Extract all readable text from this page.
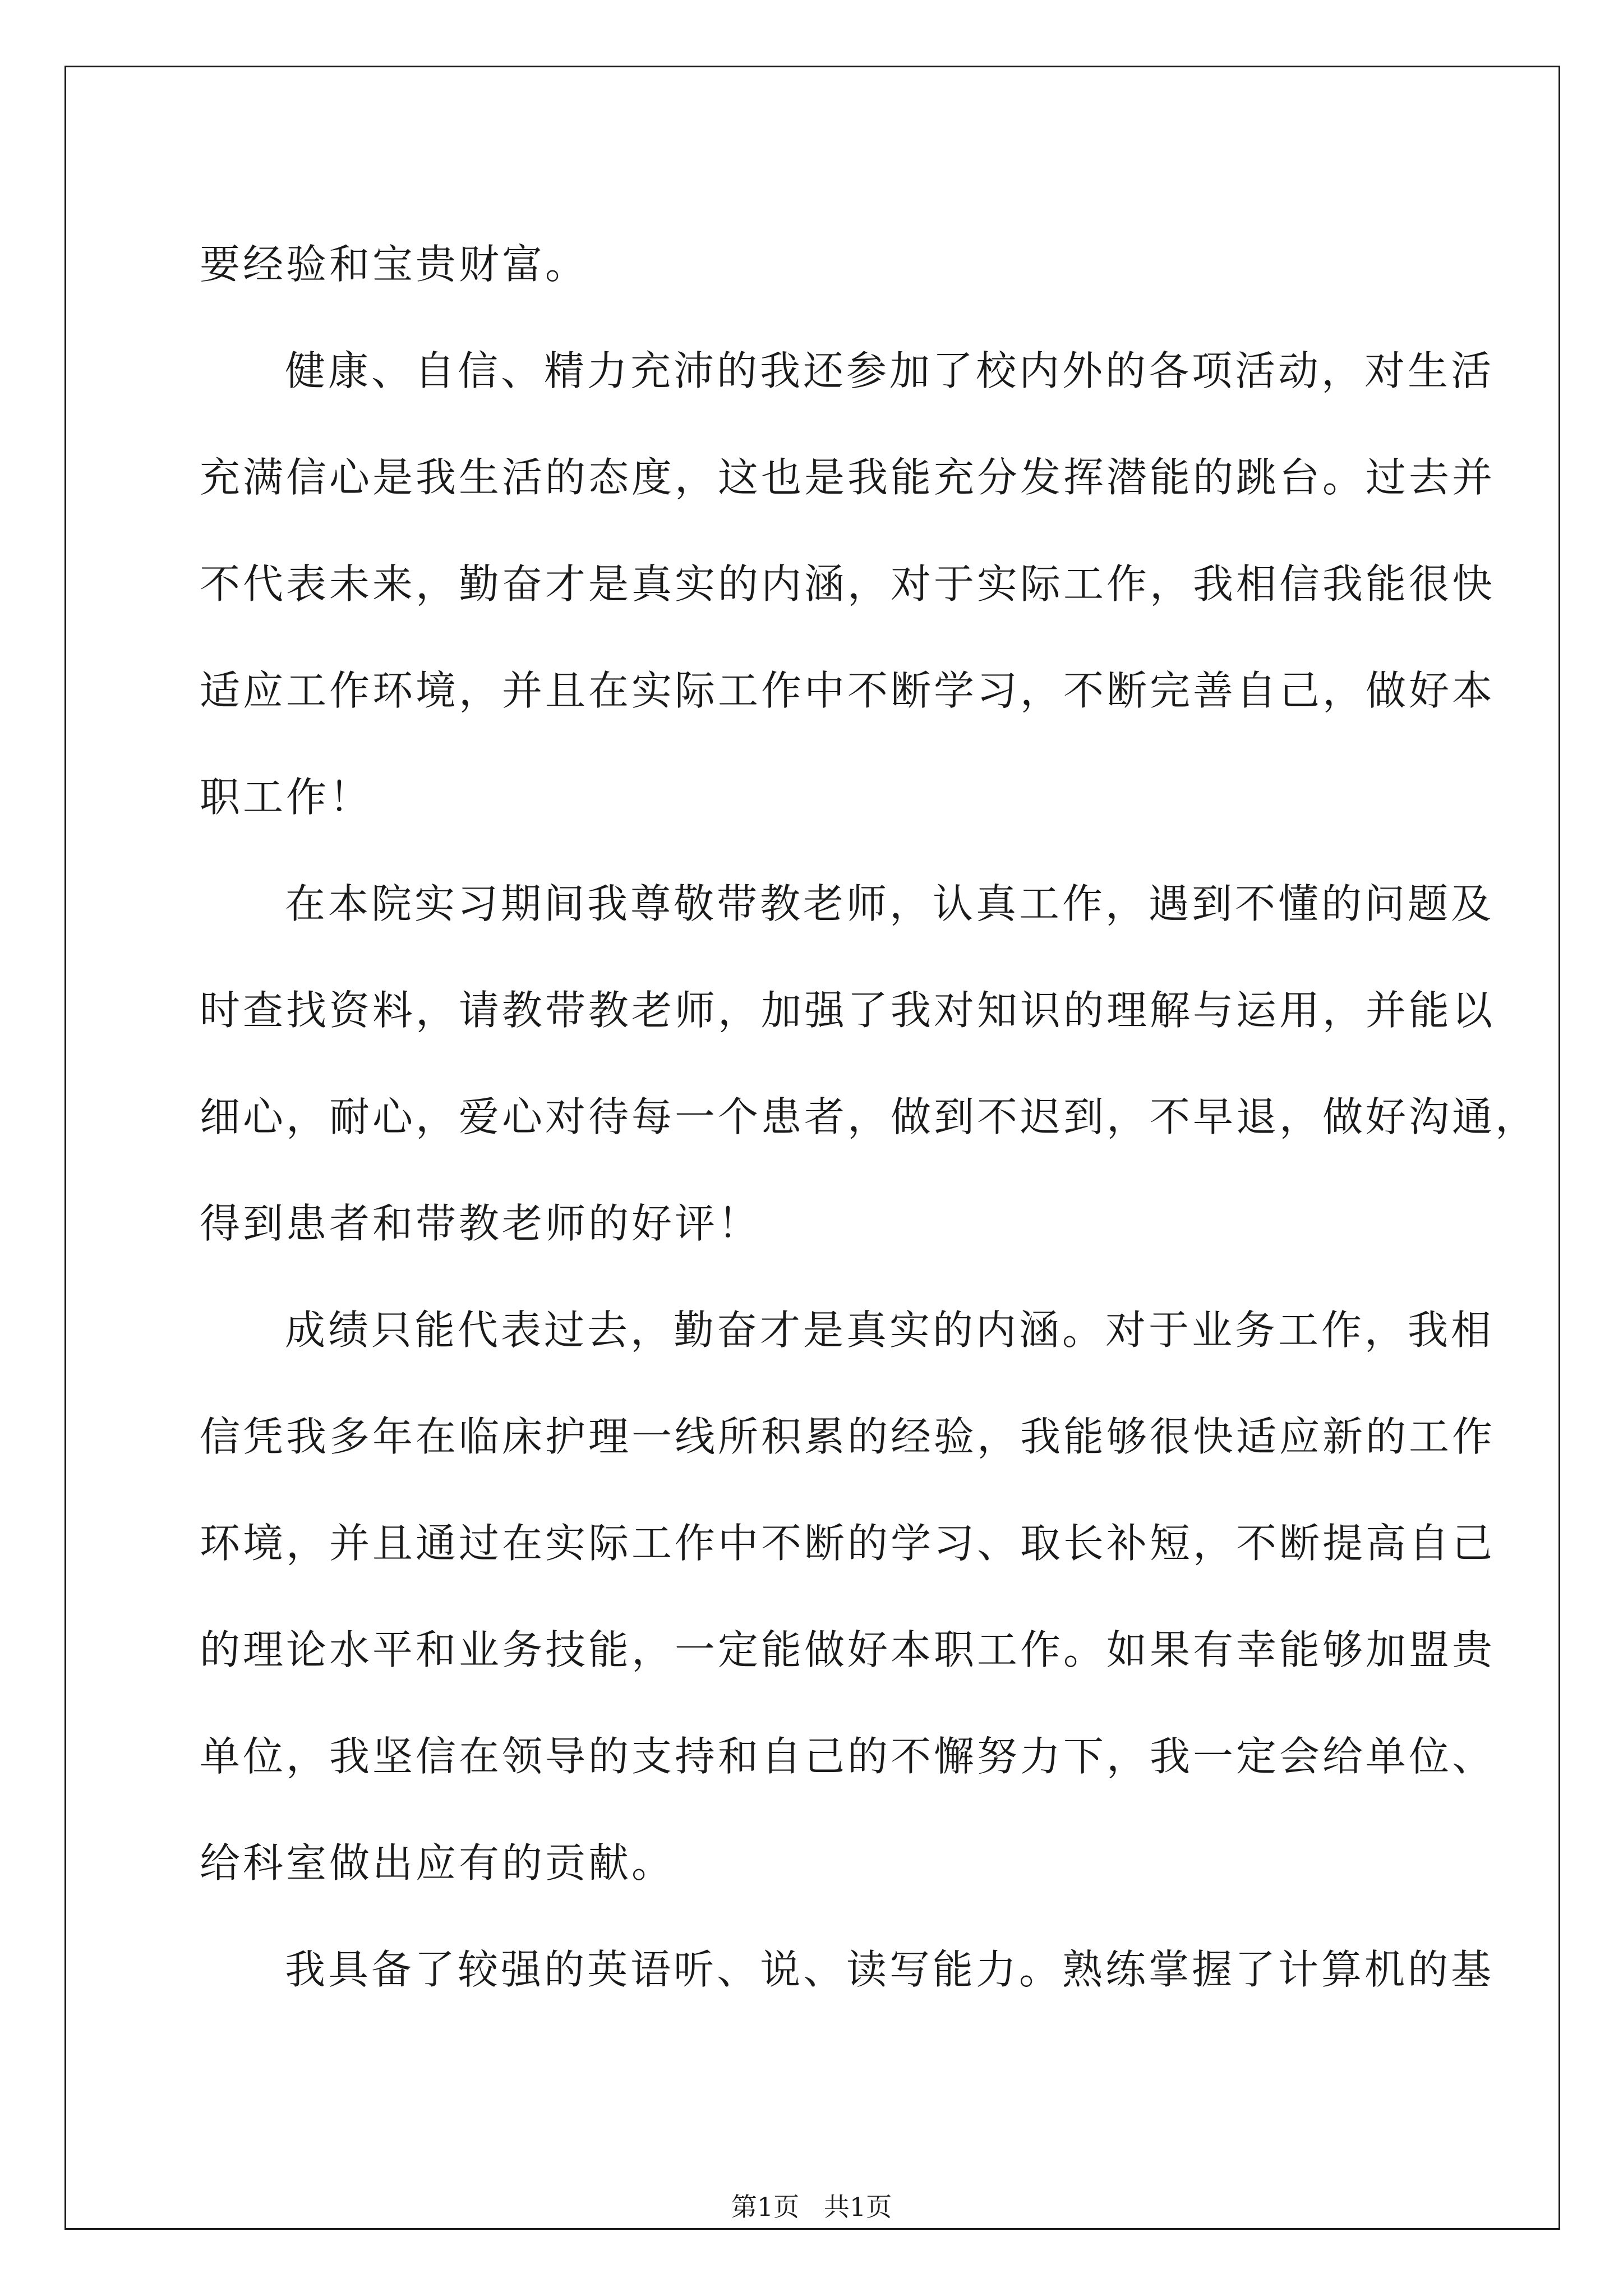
要经验和宝贵财富。
健康、自信、精力充沛的我还参加了校内外的各项活动，对生活
充满信心是我生活的态度，这也是我能充分发挥潜能的跳台。过去并
不代表未来，勤奋才是真实的内涵，对于实际工作，我相信我能很快
适应工作环境，并且在实际工作中不断学习，不断完善自己，做好本
职工作！
在本院实习期间我尊敬带教老师，认真工作，遇到不懂的问题及
时查找资料，请教带教老师，加强了我对知识的理解与运用，并能以
细心，耐心，爱心对待每一个患者，做到不迟到，不早退，做好沟通，
得到患者和带教老师的好评！
成绩只能代表过去，勤奋才是真实的内涵。对于业务工作，我相
信凭我多年在临床护理一线所积累的经验，我能够很快适应新的工作
环境，并且通过在实际工作中不断的学习、取长补短，不断提高自己
的理论水平和业务技能，一定能做好本职工作。如果有幸能够加盟贵
单位，我坚信在领导的支持和自己的不懈努力下，我一定会给单位、
给科室做出应有的贡献。
我具备了较强的英语听、说、读写能力。熟练掌握了计算机的基
第1页   共1页
